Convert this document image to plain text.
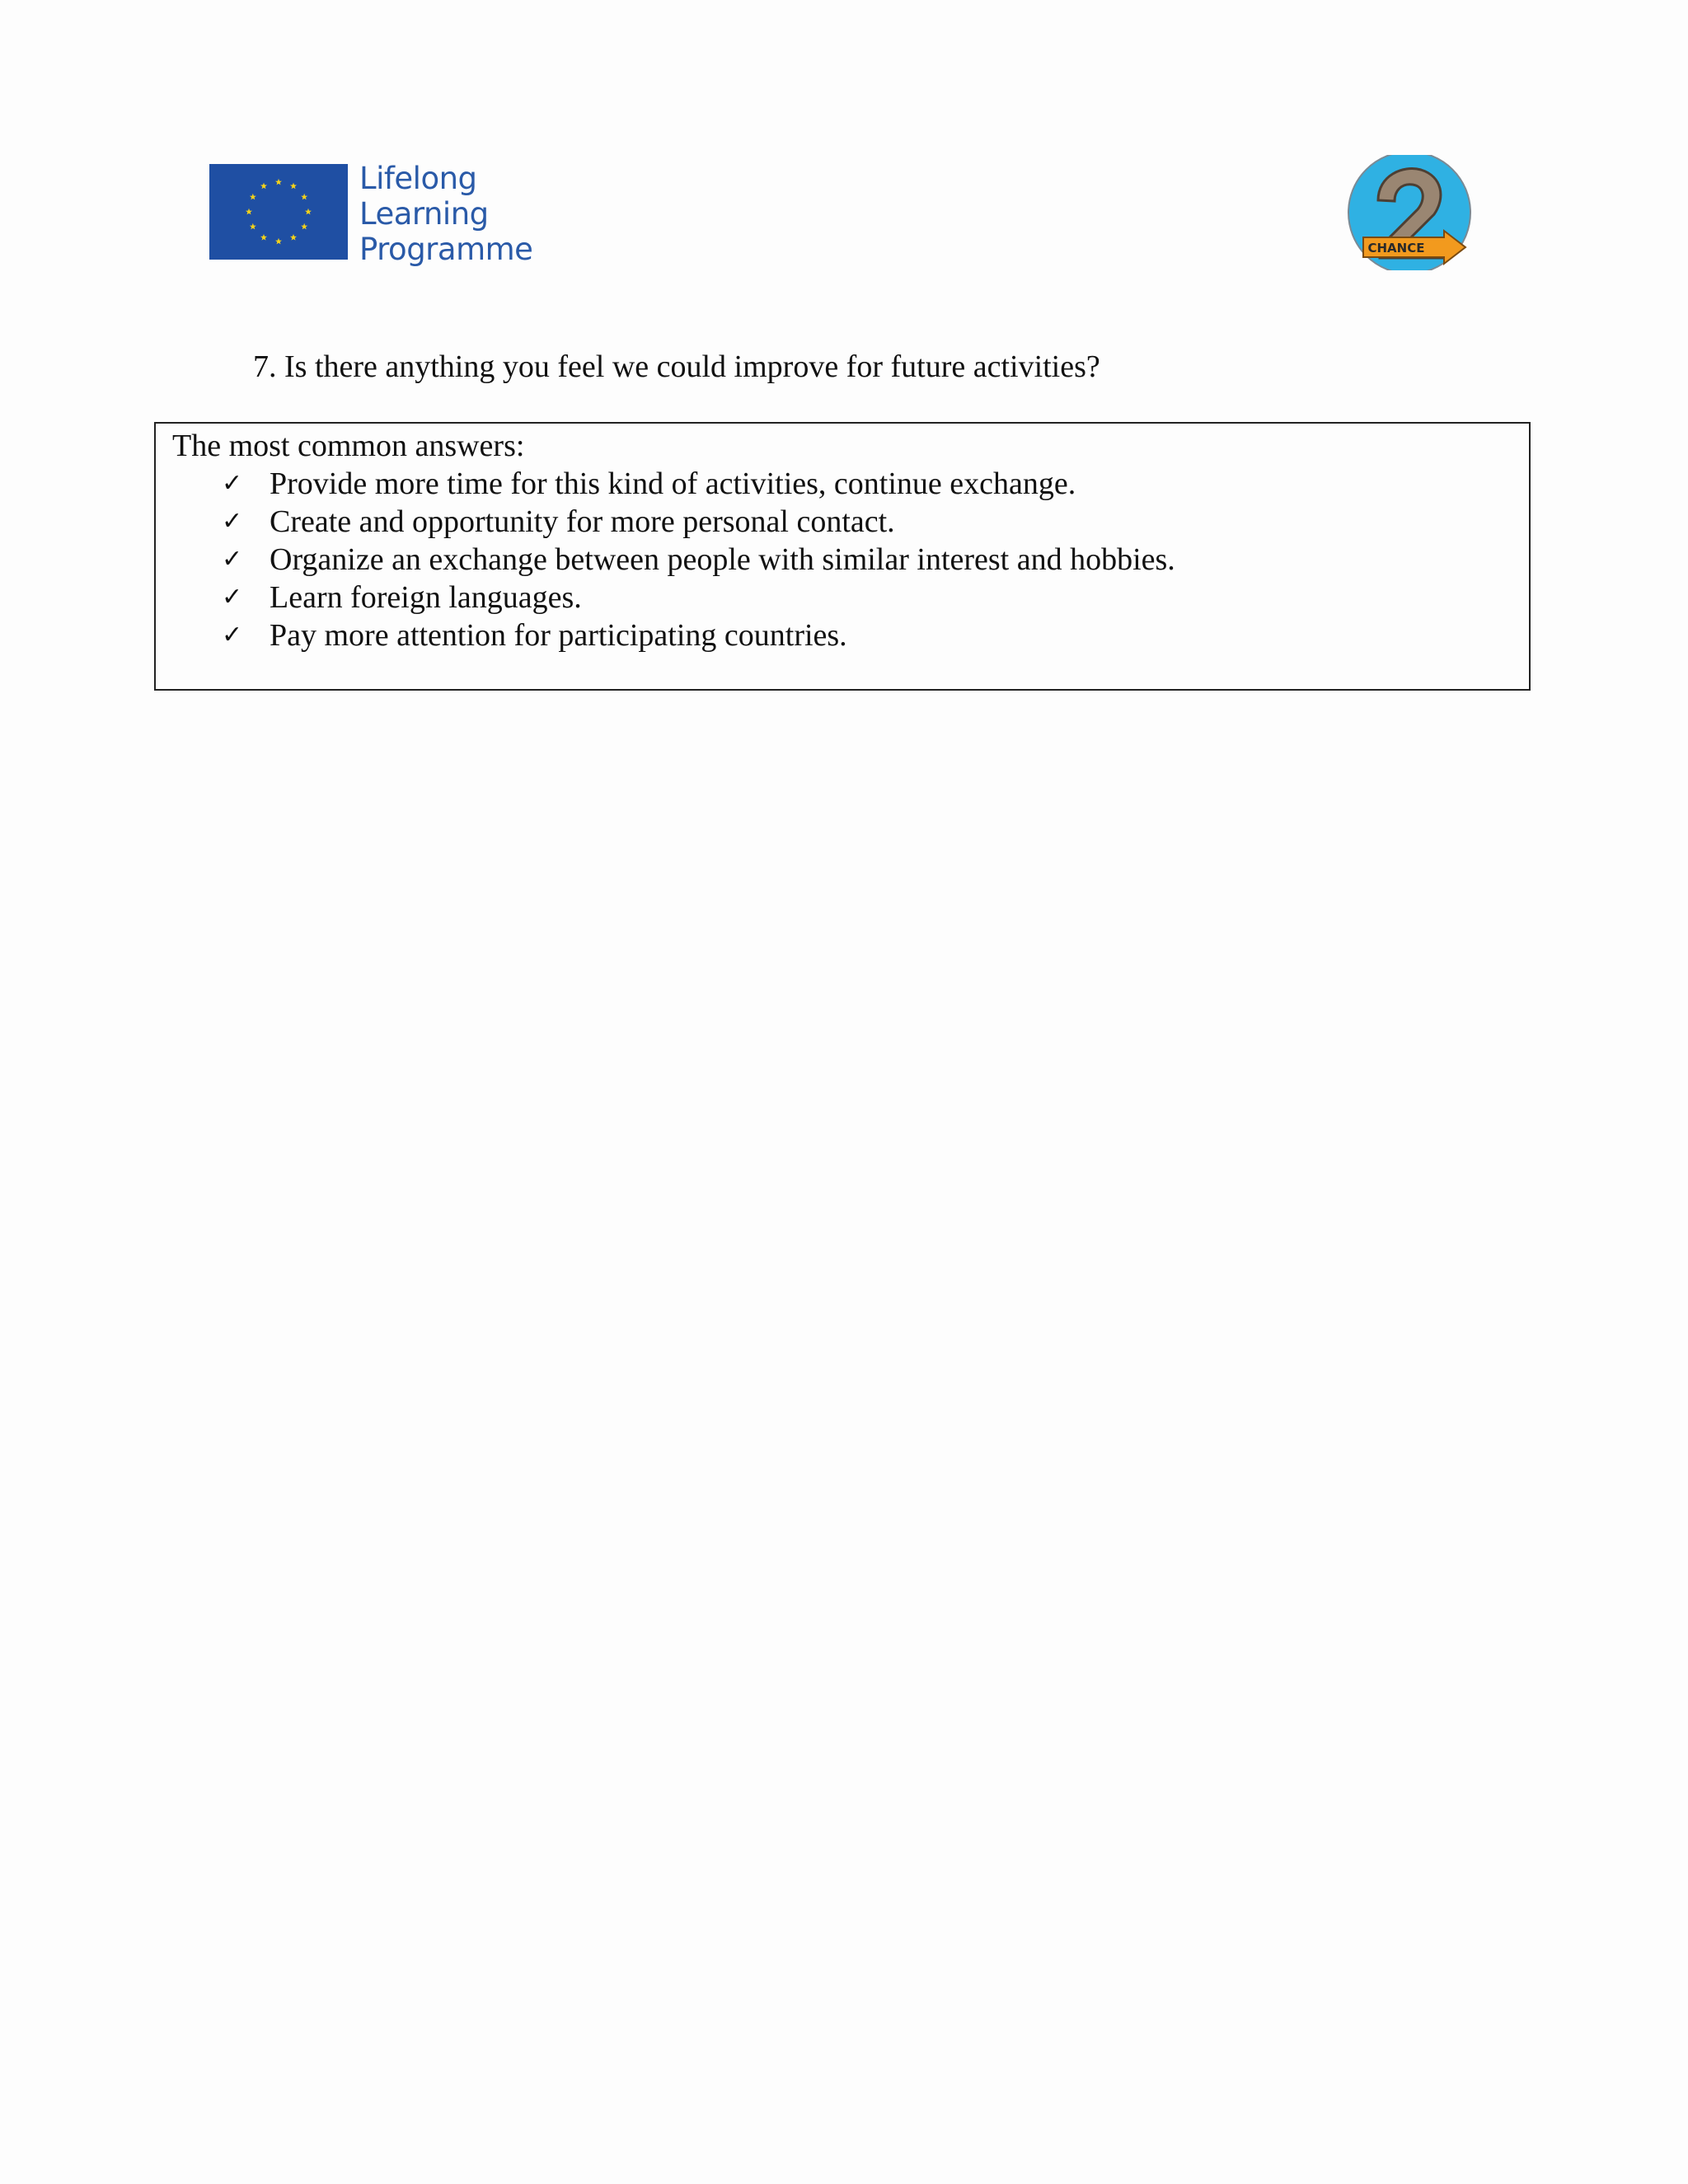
Lifelong
Learning
Programme	CHANCE
7. Is there anything you feel we could improve for future activities?
The most common answers:
✓ Provide more time for this kind of activities, continue exchange.
✓ Create and opportunity for more personal contact.
✓ Organize an exchange between people with similar interest and hobbies.
✓ Learn foreign languages.
✓ Pay more attention for participating countries.
